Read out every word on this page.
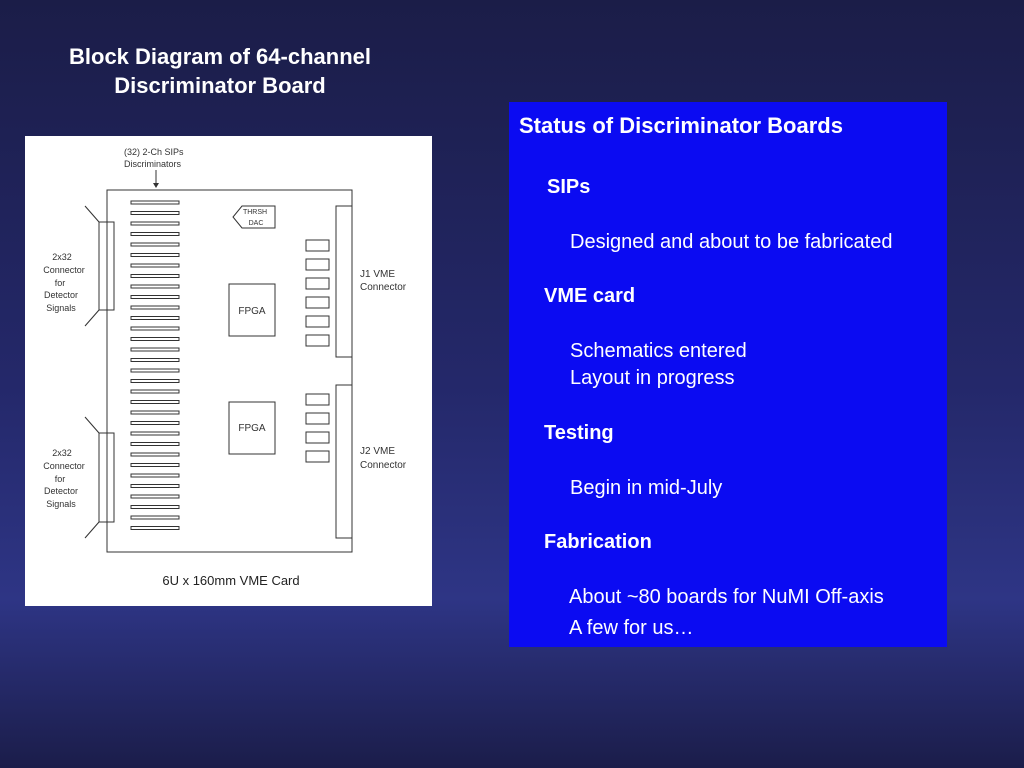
Block Diagram of 64-channel
Discriminator Board
(32) 2-Ch SIPs
Discriminators
THRSH
DAC
FPGA
FPGA
J1 VME
Connector
J2 VME
Connector
2x32
Connector
for
Detector
Signals
2x32
Connector
for
Detector
Signals
6U x 160mm VME Card
Status of Discriminator Boards
SIPs
Designed and about to be fabricated
VME card
Schematics entered
Layout in progress
Testing
Begin in mid-July
Fabrication
About ~80 boards for NuMI Off-axis
A few for us…
